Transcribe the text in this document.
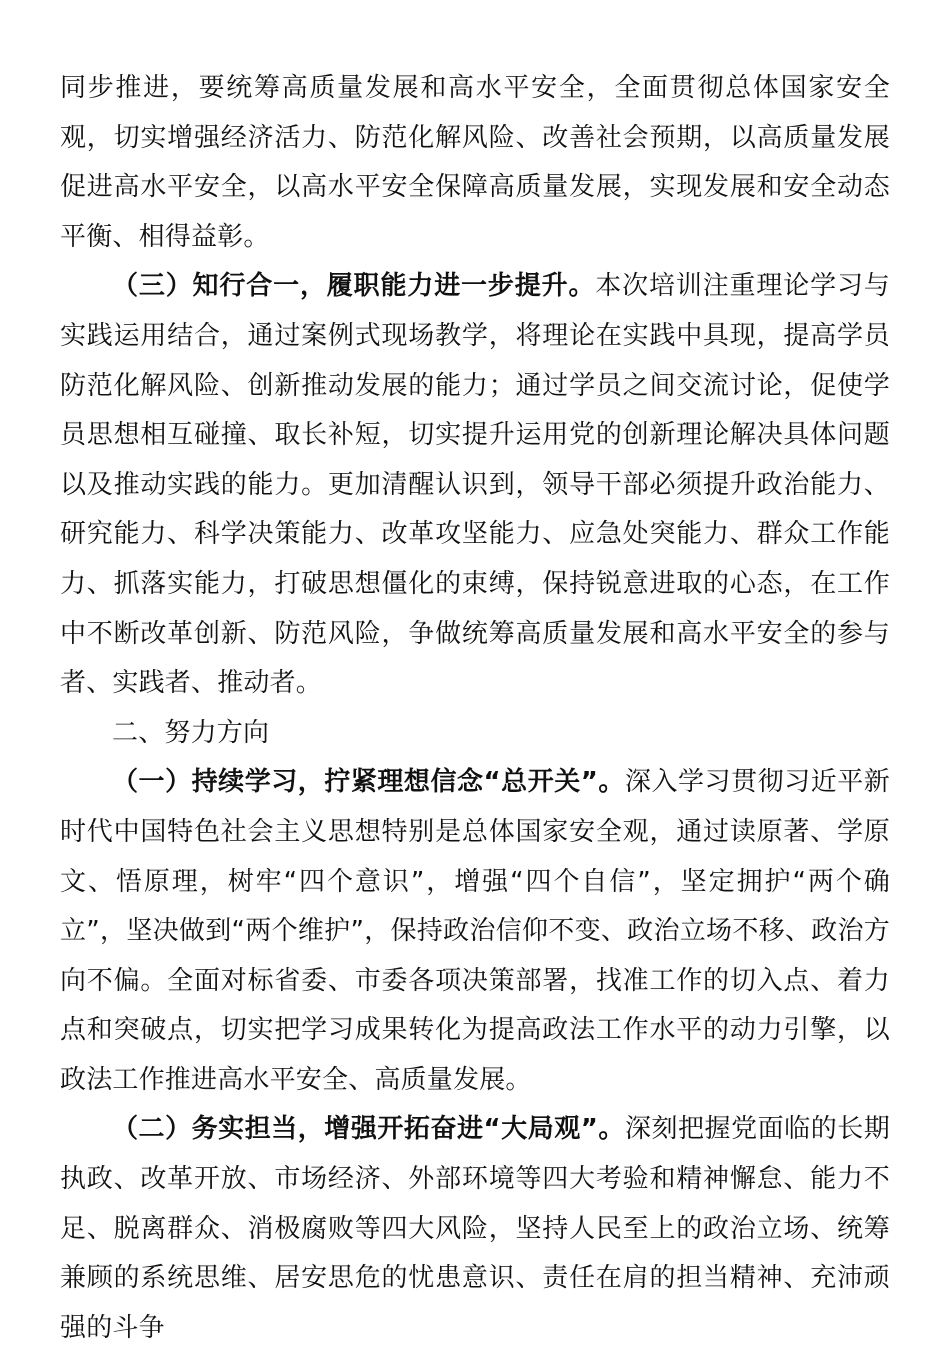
同步推进，要统筹高质量发展和高水平安全，全面贯彻总体国家安全观，切实增强经济活力、防范化解风险、改善社会预期，以高质量发展促进高水平安全，以高水平安全保障高质量发展，实现发展和安全动态平衡、相得益彰。

（三）知行合一，履职能力进一步提升。本次培训注重理论学习与实践运用结合，通过案例式现场教学，将理论在实践中具现，提高学员防范化解风险、创新推动发展的能力；通过学员之间交流讨论，促使学员思想相互碰撞、取长补短，切实提升运用党的创新理论解决具体问题以及推动实践的能力。更加清醒认识到，领导干部必须提升政治能力、研究能力、科学决策能力、改革攻坚能力、应急处突能力、群众工作能力、抓落实能力，打破思想僵化的束缚，保持锐意进取的心态，在工作中不断改革创新、防范风险，争做统筹高质量发展和高水平安全的参与者、实践者、推动者。

二、努力方向

（一）持续学习，拧紧理想信念“总开关”。深入学习贯彻习近平新时代中国特色社会主义思想特别是总体国家安全观，通过读原著、学原文、悟原理，树牢“四个意识”，增强“四个自信”，坚定拥护“两个确立”，坚决做到“两个维护”，保持政治信仰不变、政治立场不移、政治方向不偏。全面对标省委、市委各项决策部署，找准工作的切入点、着力点和突破点，切实把学习成果转化为提高政法工作水平的动力引擎，以政法工作推进高水平安全、高质量发展。

（二）务实担当，增强开拓奋进“大局观”。深刻把握党面临的长期执政、改革开放、市场经济、外部环境等四大考验和精神懈怠、能力不足、脱离群众、消极腐败等四大风险，坚持人民至上的政治立场、统筹兼顾的系统思维、居安思危的忧患意识、责任在肩的担当精神、充沛顽强的斗争
